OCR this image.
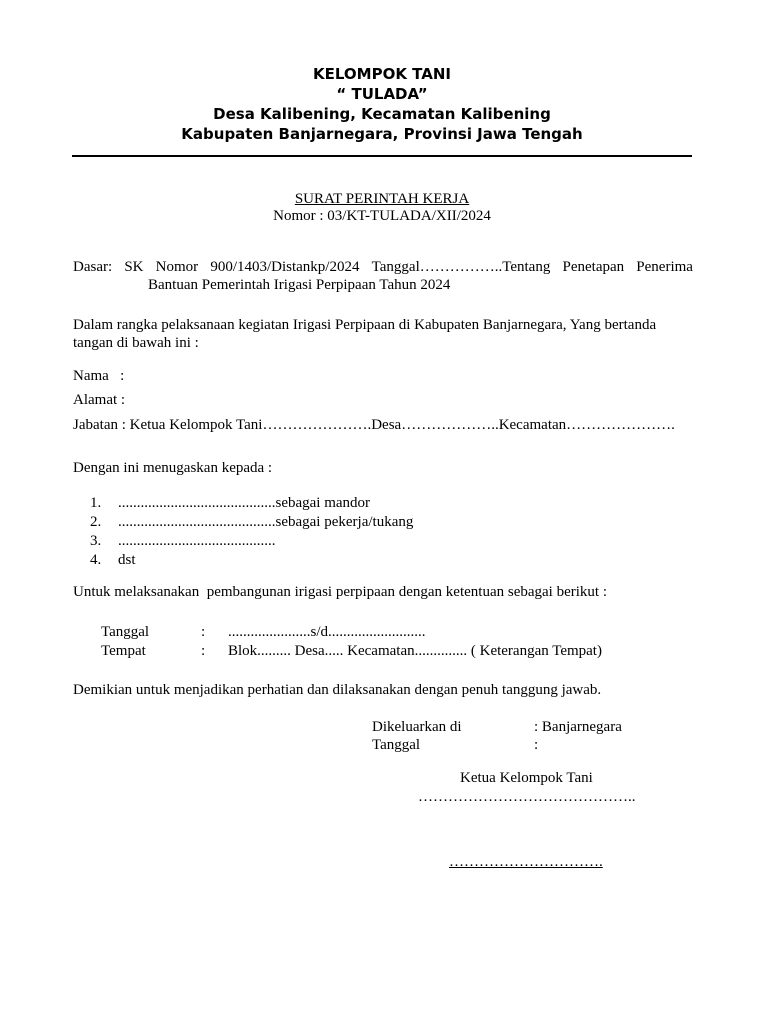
KELOMPOK TANI
“ TULADA”
Desa Kalibening, Kecamatan Kalibening
Kabupaten Banjarnegara, Provinsi Jawa Tengah
SURAT PERINTAH KERJA
Nomor : 03/KT-TULADA/XII/2024
Dasar: SK Nomor 900/1403/Distankp/2024 Tanggal……………..Tentang Penetapan Penerima
Bantuan Pemerintah Irigasi Perpipaan Tahun 2024
Dalam rangka pelaksanaan kegiatan Irigasi Perpipaan di Kabupaten Banjarnegara, Yang bertanda tangan di bawah ini :
Nama   :
Alamat :
Jabatan : Ketua Kelompok Tani………………….Desa………………..Kecamatan………………….
Dengan ini menugaskan kepada :
1.	..........................................sebagai mandor
2.	..........................................sebagai pekerja/tukang
3.	..........................................
4.	dst
Untuk melaksanakan  pembangunan irigasi perpipaan dengan ketentuan sebagai berikut :
Tanggal	:	......................s/d..........................
Tempat	:	Blok......... Desa..... Kecamatan.............. ( Keterangan Tempat)
Demikian untuk menjadikan perhatian dan dilaksanakan dengan penuh tanggung jawab.
Dikeluarkan di	: Banjarnegara
Tanggal	:
Ketua Kelompok Tani
……………………………………..
………………………….
